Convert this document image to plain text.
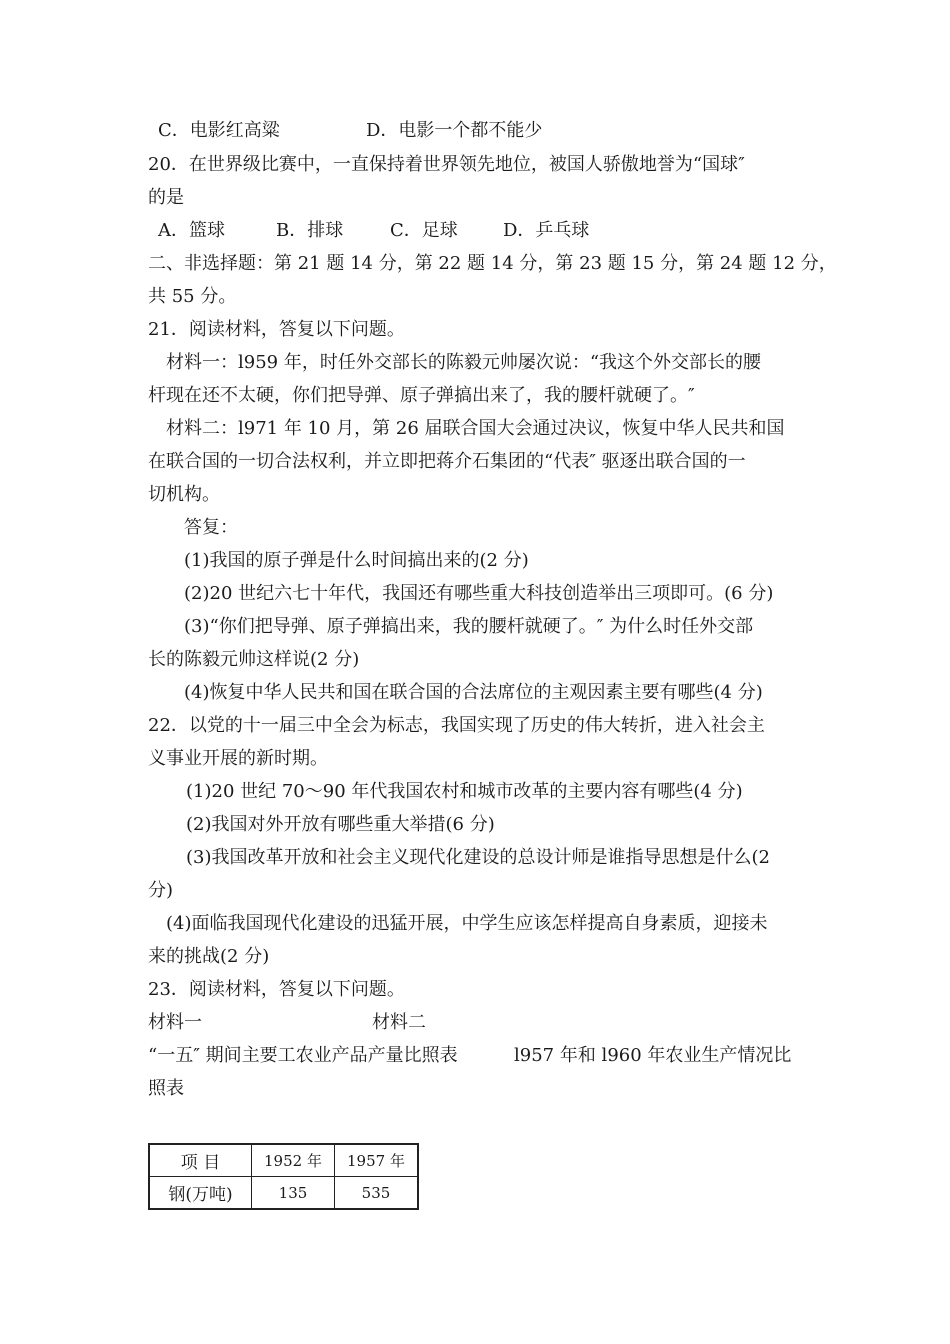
C．电影红高粱	D．电影一个都不能少
20．在世界级比赛中，一直保持着世界领先地位，被国人骄傲地誉为“国球″
的是
A．篮球	B．排球	C．足球	D．乒乓球
二、非选择题：第 21 题 14 分，第 22 题 14 分，第 23 题 15 分，第 24 题 12 分，
共 55 分。
21．阅读材料，答复以下问题。
材料一：l959 年，时任外交部长的陈毅元帅屡次说：“我这个外交部长的腰
杆现在还不太硬，你们把导弹、原子弹搞出来了，我的腰杆就硬了。″
材料二：l971 年 10 月，第 26 届联合国大会通过决议，恢复中华人民共和国
在联合国的一切合法权利，并立即把蒋介石集团的“代表″ 驱逐出联合国的一
切机构。
答复：
(1)我国的原子弹是什么时间搞出来的(2 分)
(2)20 世纪六七十年代，我国还有哪些重大科技创造举出三项即可。(6 分)
(3)“你们把导弹、原子弹搞出来，我的腰杆就硬了。″ 为什么时任外交部
长的陈毅元帅这样说(2 分)
(4)恢复中华人民共和国在联合国的合法席位的主观因素主要有哪些(4 分)
22．以党的十一届三中全会为标志，我国实现了历史的伟大转折，进入社会主
义事业开展的新时期。
(1)20 世纪 70～90 年代我国农村和城市改革的主要内容有哪些(4 分)
(2)我国对外开放有哪些重大举措(6 分)
(3)我国改革开放和社会主义现代化建设的总设计师是谁指导思想是什么(2
分)
(4)面临我国现代化建设的迅猛开展，中学生应该怎样提高自身素质，迎接未
来的挑战(2 分)
23．阅读材料，答复以下问题。
材料一	材料二
“一五″ 期间主要工农业产品产量比照表	l957 年和 l960 年农业生产情况比
照表
项 目	1952 年	1957 年
钢(万吨)	135	535
